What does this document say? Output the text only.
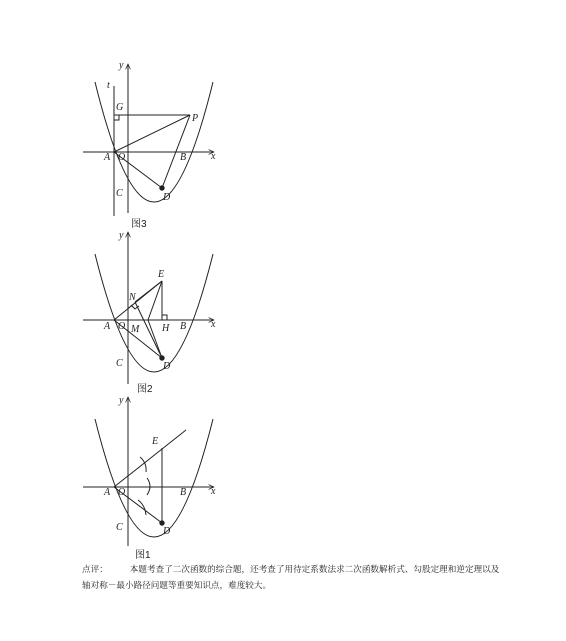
y
t
G
P
A O	B x
C	D
y
E
N
A O M H B x
C	D
y
E
A O	B x
C	D
图3
图2
图1
点评：	本题考查了二次函数的综合题，还考查了用待定系数法求二次函数解析式、勾股定理和逆定理以及轴对称－最小路径问题等重要知识点，难度较大。
